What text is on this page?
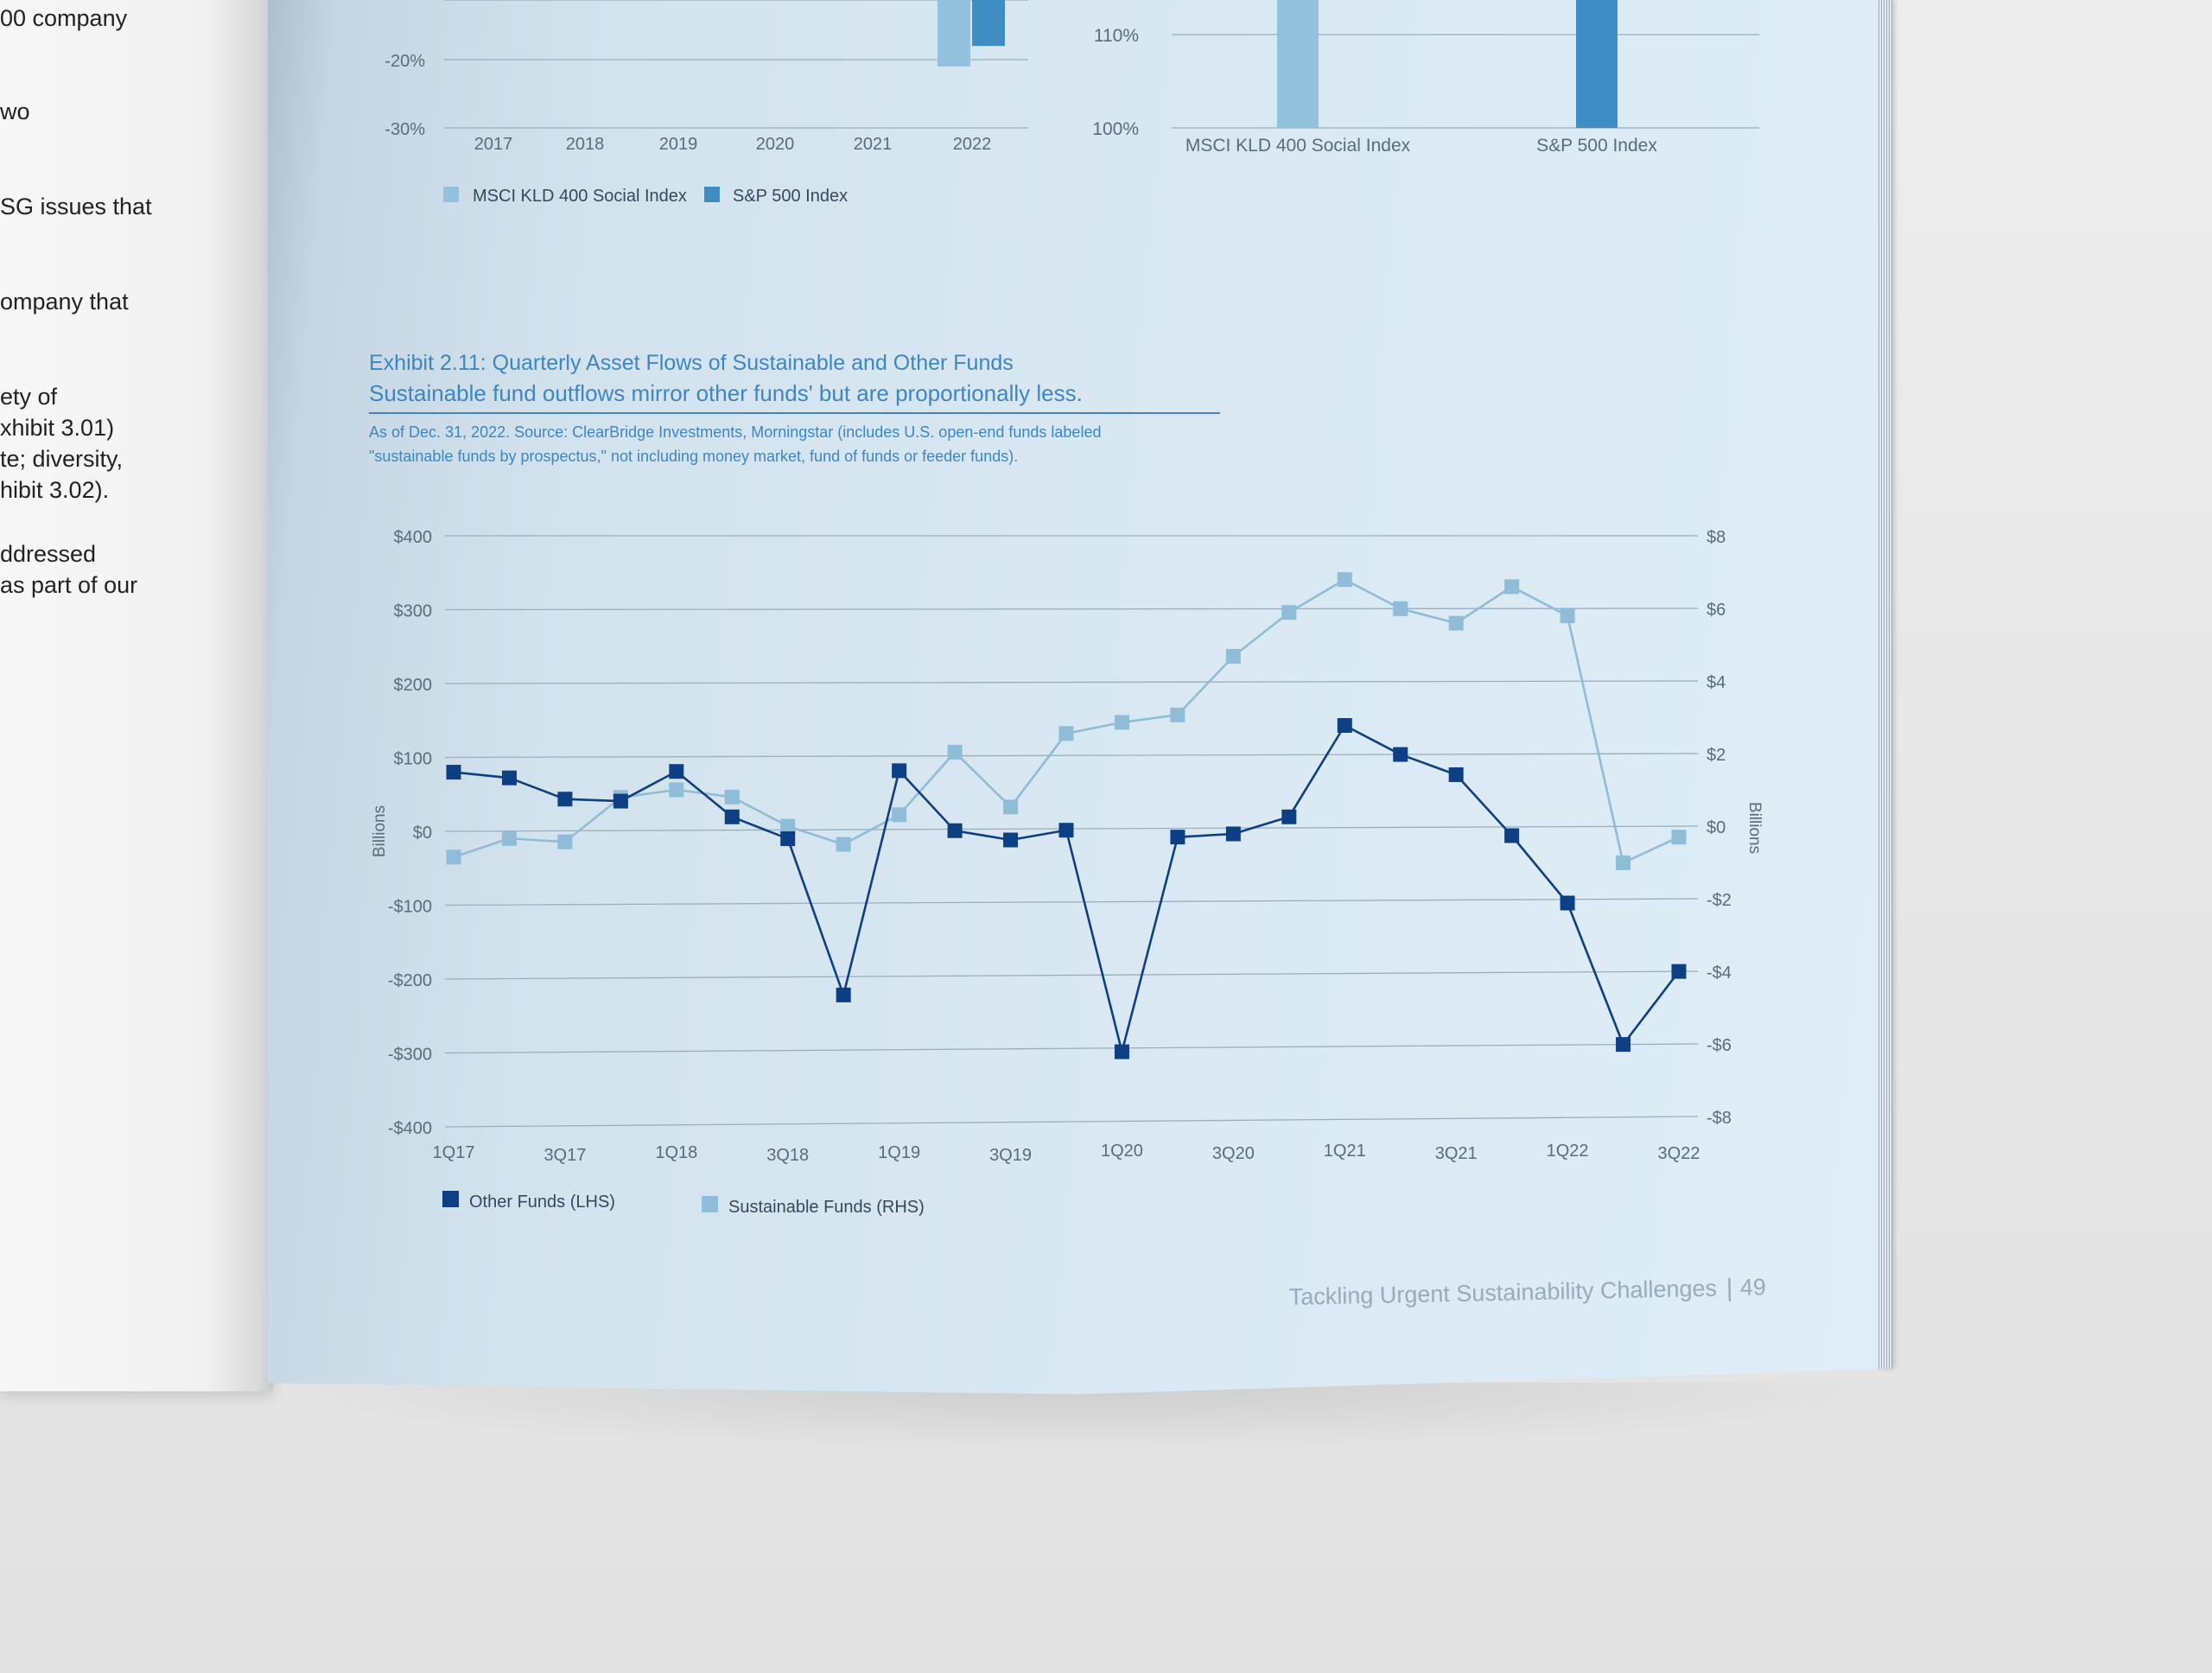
00 company
wo
SG issues that
ompany that
ety of
xhibit 3.01)
te; diversity,
hibit 3.02).
ddressed
as part of our
-20%
-30%
2017	2018	2019	2020	2021	2022
MSCI KLD 400 Social Index	S&P 500 Index
110%
100%
MSCI KLD 400 Social Index	S&P 500 Index
Exhibit 2.11: Quarterly Asset Flows of Sustainable and Other Funds
Sustainable fund outflows mirror other funds' but are proportionally less.
As of Dec. 31, 2022. Source: ClearBridge Investments, Morningstar (includes U.S. open-end funds labeled
"sustainable funds by prospectus," not including money market, fund of funds or feeder funds).
$400
$300
$200
$100
$0
-$100
-$200
-$300
-$400
$8
$6
$4
$2
$0
-$2
-$4
-$6
-$8
Billions	Billions
1Q17	3Q17	1Q18	3Q18	1Q19	3Q19	1Q20	3Q20	1Q21	3Q21	1Q22	3Q22
Other Funds (LHS)	Sustainable Funds (RHS)
Tackling Urgent Sustainability Challenges | 49
